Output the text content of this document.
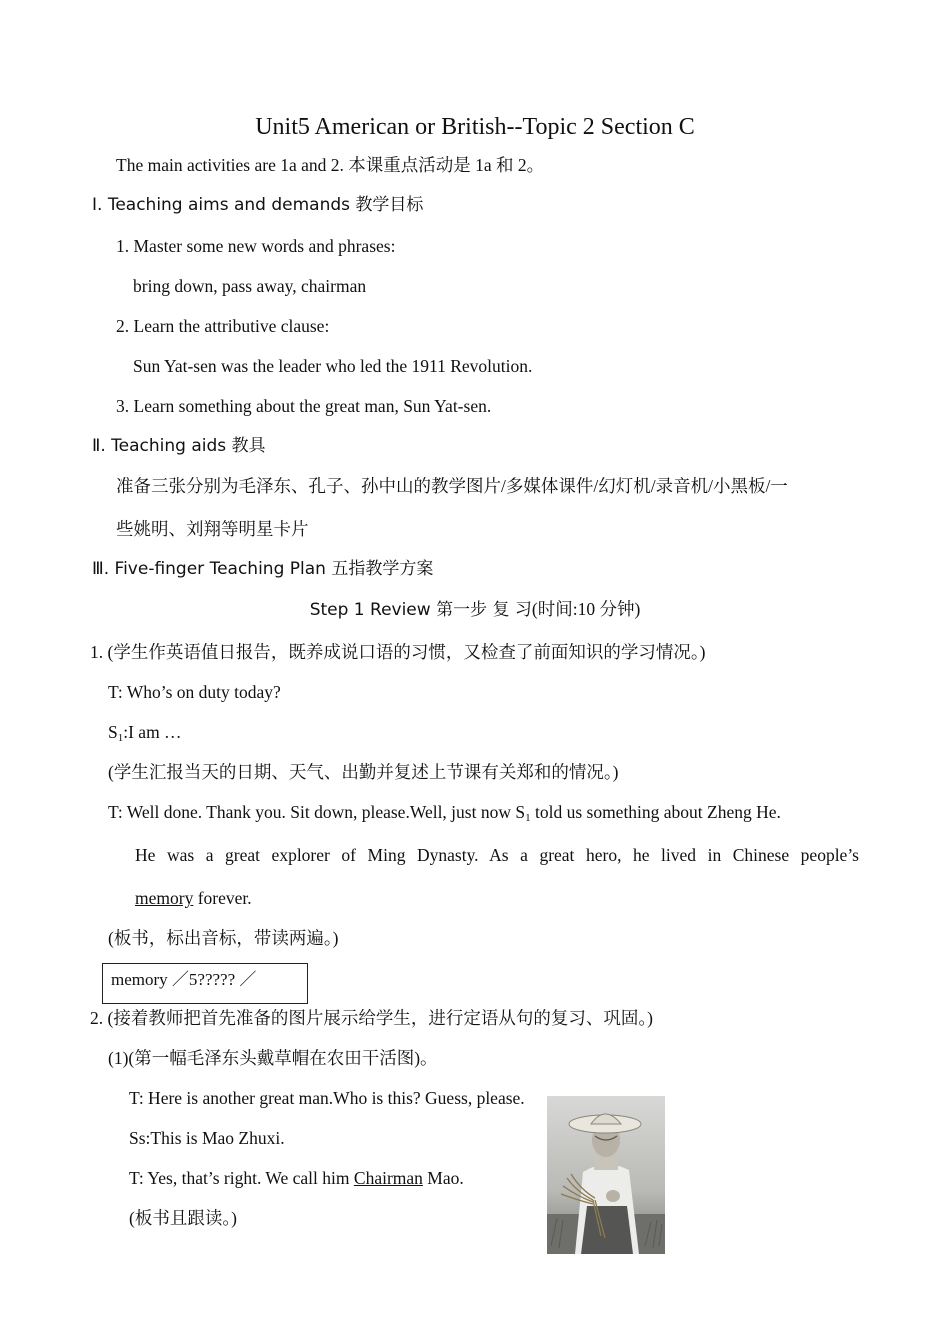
Unit5 American or British--Topic 2 Section C
The main activities are 1a and 2. 本课重点活动是 1a 和 2。
Ⅰ. Teaching aims and demands 教学目标
1. Master some new words and phrases:
bring down, pass away, chairman
2. Learn the attributive clause:
Sun Yat-sen was the leader who led the 1911 Revolution.
3. Learn something about the great man, Sun Yat-sen.
Ⅱ. Teaching aids 教具
准备三张分别为毛泽东、孔子、孙中山的教学图片/多媒体课件/幻灯机/录音机/小黑板/一
些姚明、刘翔等明星卡片
Ⅲ. Five-finger Teaching Plan 五指教学方案
Step 1 Review 第一步 复 习(时间:10 分钟)
1. (学生作英语值日报告，既养成说口语的习惯，又检查了前面知识的学习情况。)
T: Who’s on duty today?
$S_1:I$ am …
(学生汇报当天的日期、天气、出勤并复述上节课有关郑和的情况。)
T: Well done. Thank you. Sit down, please.Well, just now $S_1$ told us something about Zheng He.
He was a great explorer of Ming Dynasty. As a great hero, he lived in Chinese people’s
memory forever.
(板书，标出音标，带读两遍。)
memory ／5????? ／
2. (接着教师把首先准备的图片展示给学生，进行定语从句的复习、巩固。)
(1)(第一幅毛泽东头戴草帽在农田干活图)。
T: Here is another great man.Who is this? Guess, please.
Ss:This is Mao Zhuxi.
T: Yes, that’s right. We call him Chairman Mao.
(板书且跟读。)
